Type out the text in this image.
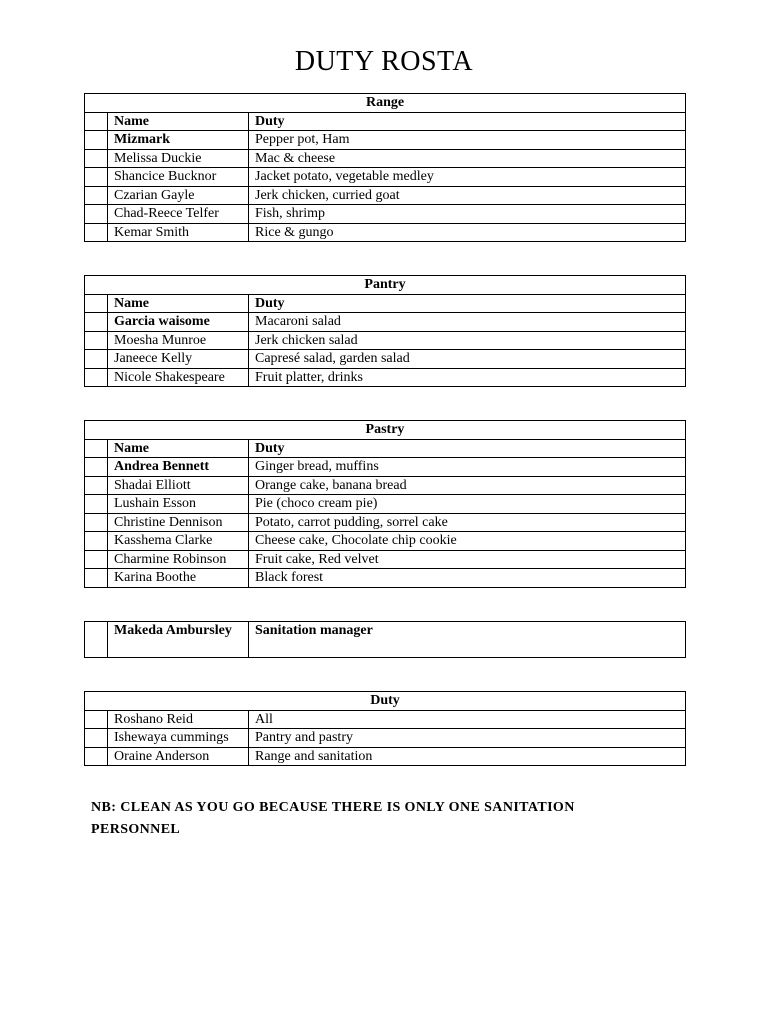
DUTY ROSTA
Range		
	Name	Duty
	Mizmark	Pepper pot, Ham
	Melissa Duckie	Mac & cheese
	Shancice Bucknor	Jacket potato, vegetable medley
	Czarian Gayle	Jerk chicken, curried goat
	Chad-Reece Telfer	Fish, shrimp
	Kemar Smith	Rice & gungo
Pantry		
	Name	Duty
	Garcia waisome	Macaroni salad
	Moesha Munroe	Jerk chicken salad
	Janeece Kelly	Capresé salad, garden salad
	Nicole Shakespeare	Fruit platter, drinks
Pastry		
	Name	Duty
	Andrea Bennett	Ginger bread, muffins
	Shadai Elliott	Orange cake, banana bread
	Lushain Esson	Pie (choco cream pie)
	Christine Dennison	Potato, carrot pudding, sorrel cake
	Kasshema Clarke	Cheese cake, Chocolate chip cookie
	Charmine Robinson	Fruit cake, Red velvet
	Karina Boothe	Black forest
	Makeda Ambursley	Sanitation manager
Duty		
	Roshano Reid	All
	Ishewaya cummings	Pantry and pastry
	Oraine Anderson	Range and sanitation
NB: CLEAN AS YOU GO BECAUSE THERE IS ONLY ONE SANITATION PERSONNEL
